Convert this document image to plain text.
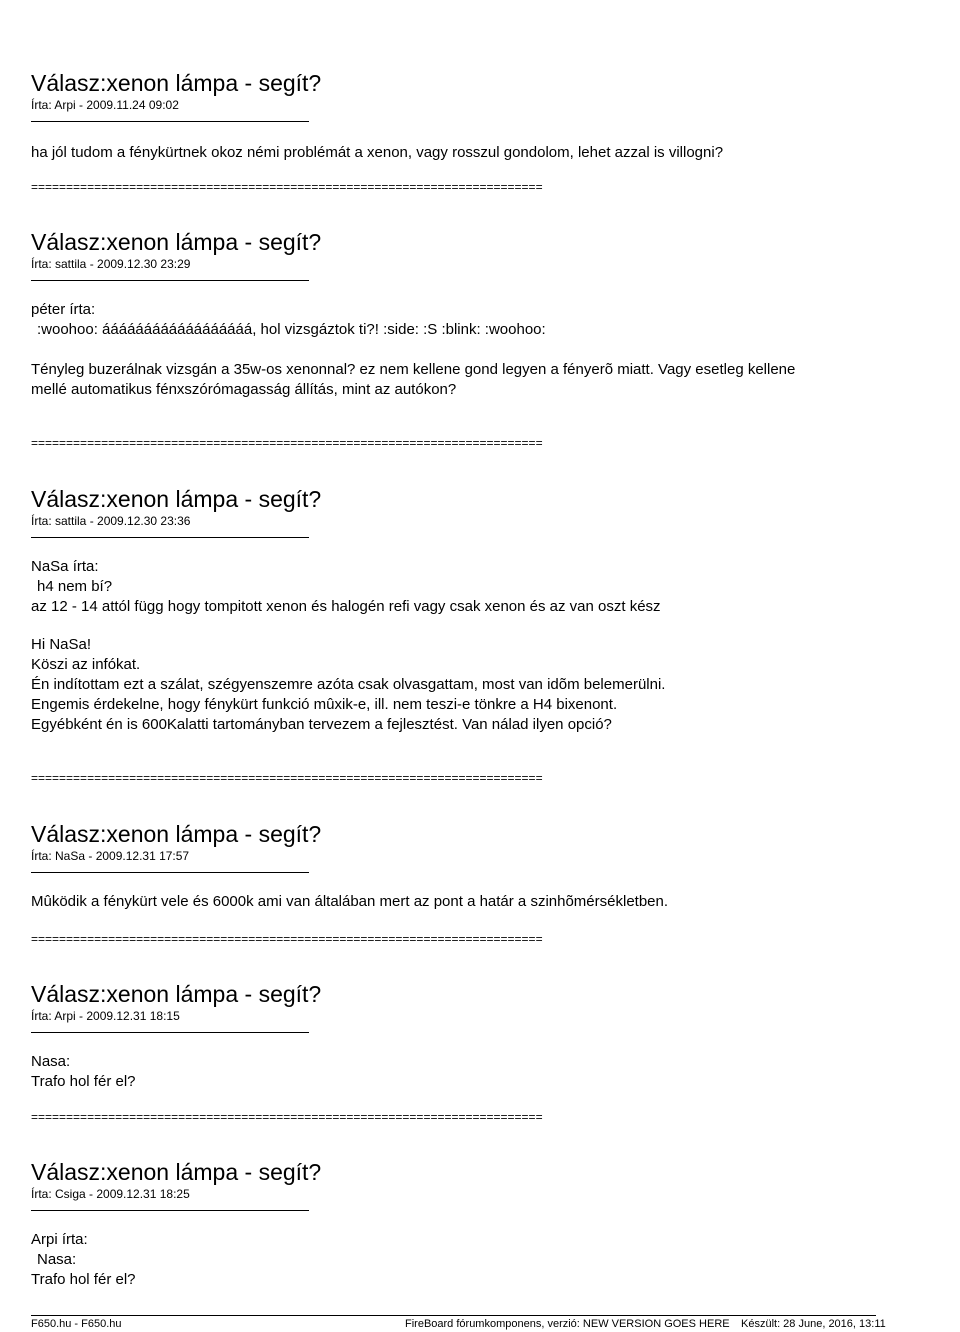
Válasz:xenon lámpa - segít?
Írta: Arpi - 2009.11.24 09:02
ha jól tudom a fénykürtnek okoz némi problémát a xenon, vagy rosszul gondolom, lehet azzal is villogni?
=========================================================================
Válasz:xenon lámpa - segít?
Írta: sattila - 2009.12.30 23:29
péter írta:
:woohoo: áááááááááááááááááá, hol vizsgáztok ti?! :side: :S :blink: :woohoo:
Tényleg buzerálnak vizsgán a 35w-os xenonnal? ez nem kellene gond legyen a fényerõ miatt. Vagy esetleg kellene
mellé automatikus fénxszórómagasság állítás, mint az autókon?
=========================================================================
Válasz:xenon lámpa - segít?
Írta: sattila - 2009.12.30 23:36
NaSa írta:
h4 nem bí?
az 12 - 14 attól függ hogy tompitott xenon és halogén refi vagy csak xenon és az van oszt kész
Hi NaSa!
Köszi az infókat.
Én indítottam ezt a szálat, szégyenszemre azóta csak olvasgattam, most van idõm belemerülni.
Engemis érdekelne, hogy fénykürt funkció mûxik-e, ill. nem teszi-e tönkre a H4 bixenont.
Egyébként én is 600Kalatti tartományban tervezem a fejlesztést. Van nálad ilyen opció?
=========================================================================
Válasz:xenon lámpa - segít?
Írta: NaSa - 2009.12.31 17:57
Mûködik a fénykürt vele és 6000k ami van általában mert az pont a határ a szinhõmérsékletben.
=========================================================================
Válasz:xenon lámpa - segít?
Írta: Arpi - 2009.12.31 18:15
Nasa:
Trafo hol fér el?
=========================================================================
Válasz:xenon lámpa - segít?
Írta: Csiga - 2009.12.31 18:25
Arpi írta:
Nasa:
Trafo hol fér el?
F650.hu - F650.hu	FireBoard fórumkomponens, verzió: NEW VERSION GOES HERE Készült: 28 June, 2016, 13:11
